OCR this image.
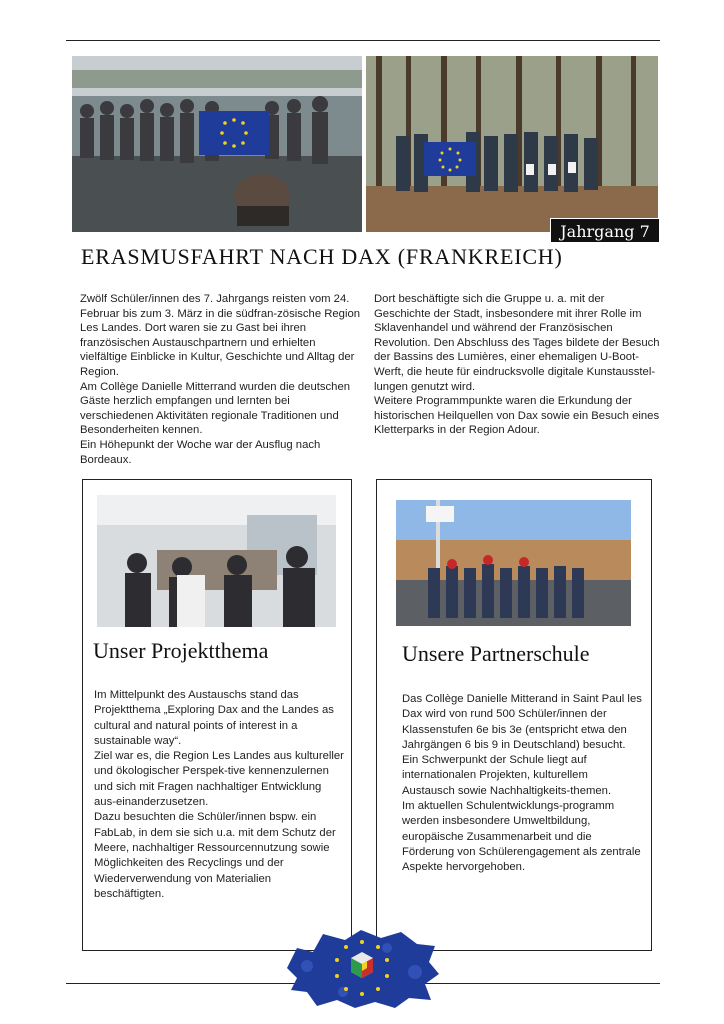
Jahrgang 7
ERASMUSFAHRT NACH DAX (FRANKREICH)

Zwölf Schüler/innen des 7. Jahrgangs reisten vom 24. Februar bis zum 3. März in die südfran-zösische Region Les Landes. Dort waren sie zu Gast bei ihren französischen Austauschpartnern und erhielten vielfältige Einblicke in Kultur, Geschichte und Alltag der Region.

Am Collège Danielle Mitterrand wurden die deutschen Gäste herzlich empfangen und lernten bei verschiedenen Aktivitäten regionale Traditionen und Besonderheiten kennen.

Ein Höhepunkt der Woche war der Ausflug nach Bordeaux.

Dort beschäftigte sich die Gruppe u. a. mit der Geschichte der Stadt, insbesondere mit ihrer Rolle im Sklavenhandel und während der Französischen Revolution. Den Abschluss des Tages bildete der Besuch der Bassins des Lumières, einer ehemaligen U-Boot-Werft, die heute für eindrucksvolle digitale Kunstausstel-lungen genutzt wird.

Weitere Programmpunkte waren die Erkundung der historischen Heilquellen von Dax sowie ein Besuch eines Kletterparks in der Region Adour.

Unser Projektthema	Unsere Partnerschule

Im Mittelpunkt des Austauschs stand das Projektthema „Exploring Dax and the Landes as cultural and natural points of interest in a sustainable way“.

Ziel war es, die Region Les Landes aus kultureller und ökologischer Perspek-tive kennenzulernen und sich mit Fragen nachhaltiger Entwicklung aus-einanderzusetzen.

Dazu besuchten die Schüler/innen bspw. ein FabLab, in dem sie sich u.a. mit dem Schutz der Meere, nachhaltiger Ressourcennutzung sowie Möglichkeiten des Recyclings und der Wiederverwendung von Materialien beschäftigten.

Das Collège Danielle Mitterand in Saint Paul les Dax wird von rund 500 Schüler/innen der Klassenstufen 6e bis 3e (entspricht etwa den Jahrgängen 6 bis 9 in Deutschland) besucht.

Ein Schwerpunkt der Schule liegt auf internationalen Projekten, kulturellem Austausch sowie Nachhaltigkeits-themen.

Im aktuellen Schulentwicklungs-programm werden insbesondere Umweltbildung, europäische Zusammenarbeit und die Förderung von Schülerengagement als zentrale Aspekte hervorgehoben.
